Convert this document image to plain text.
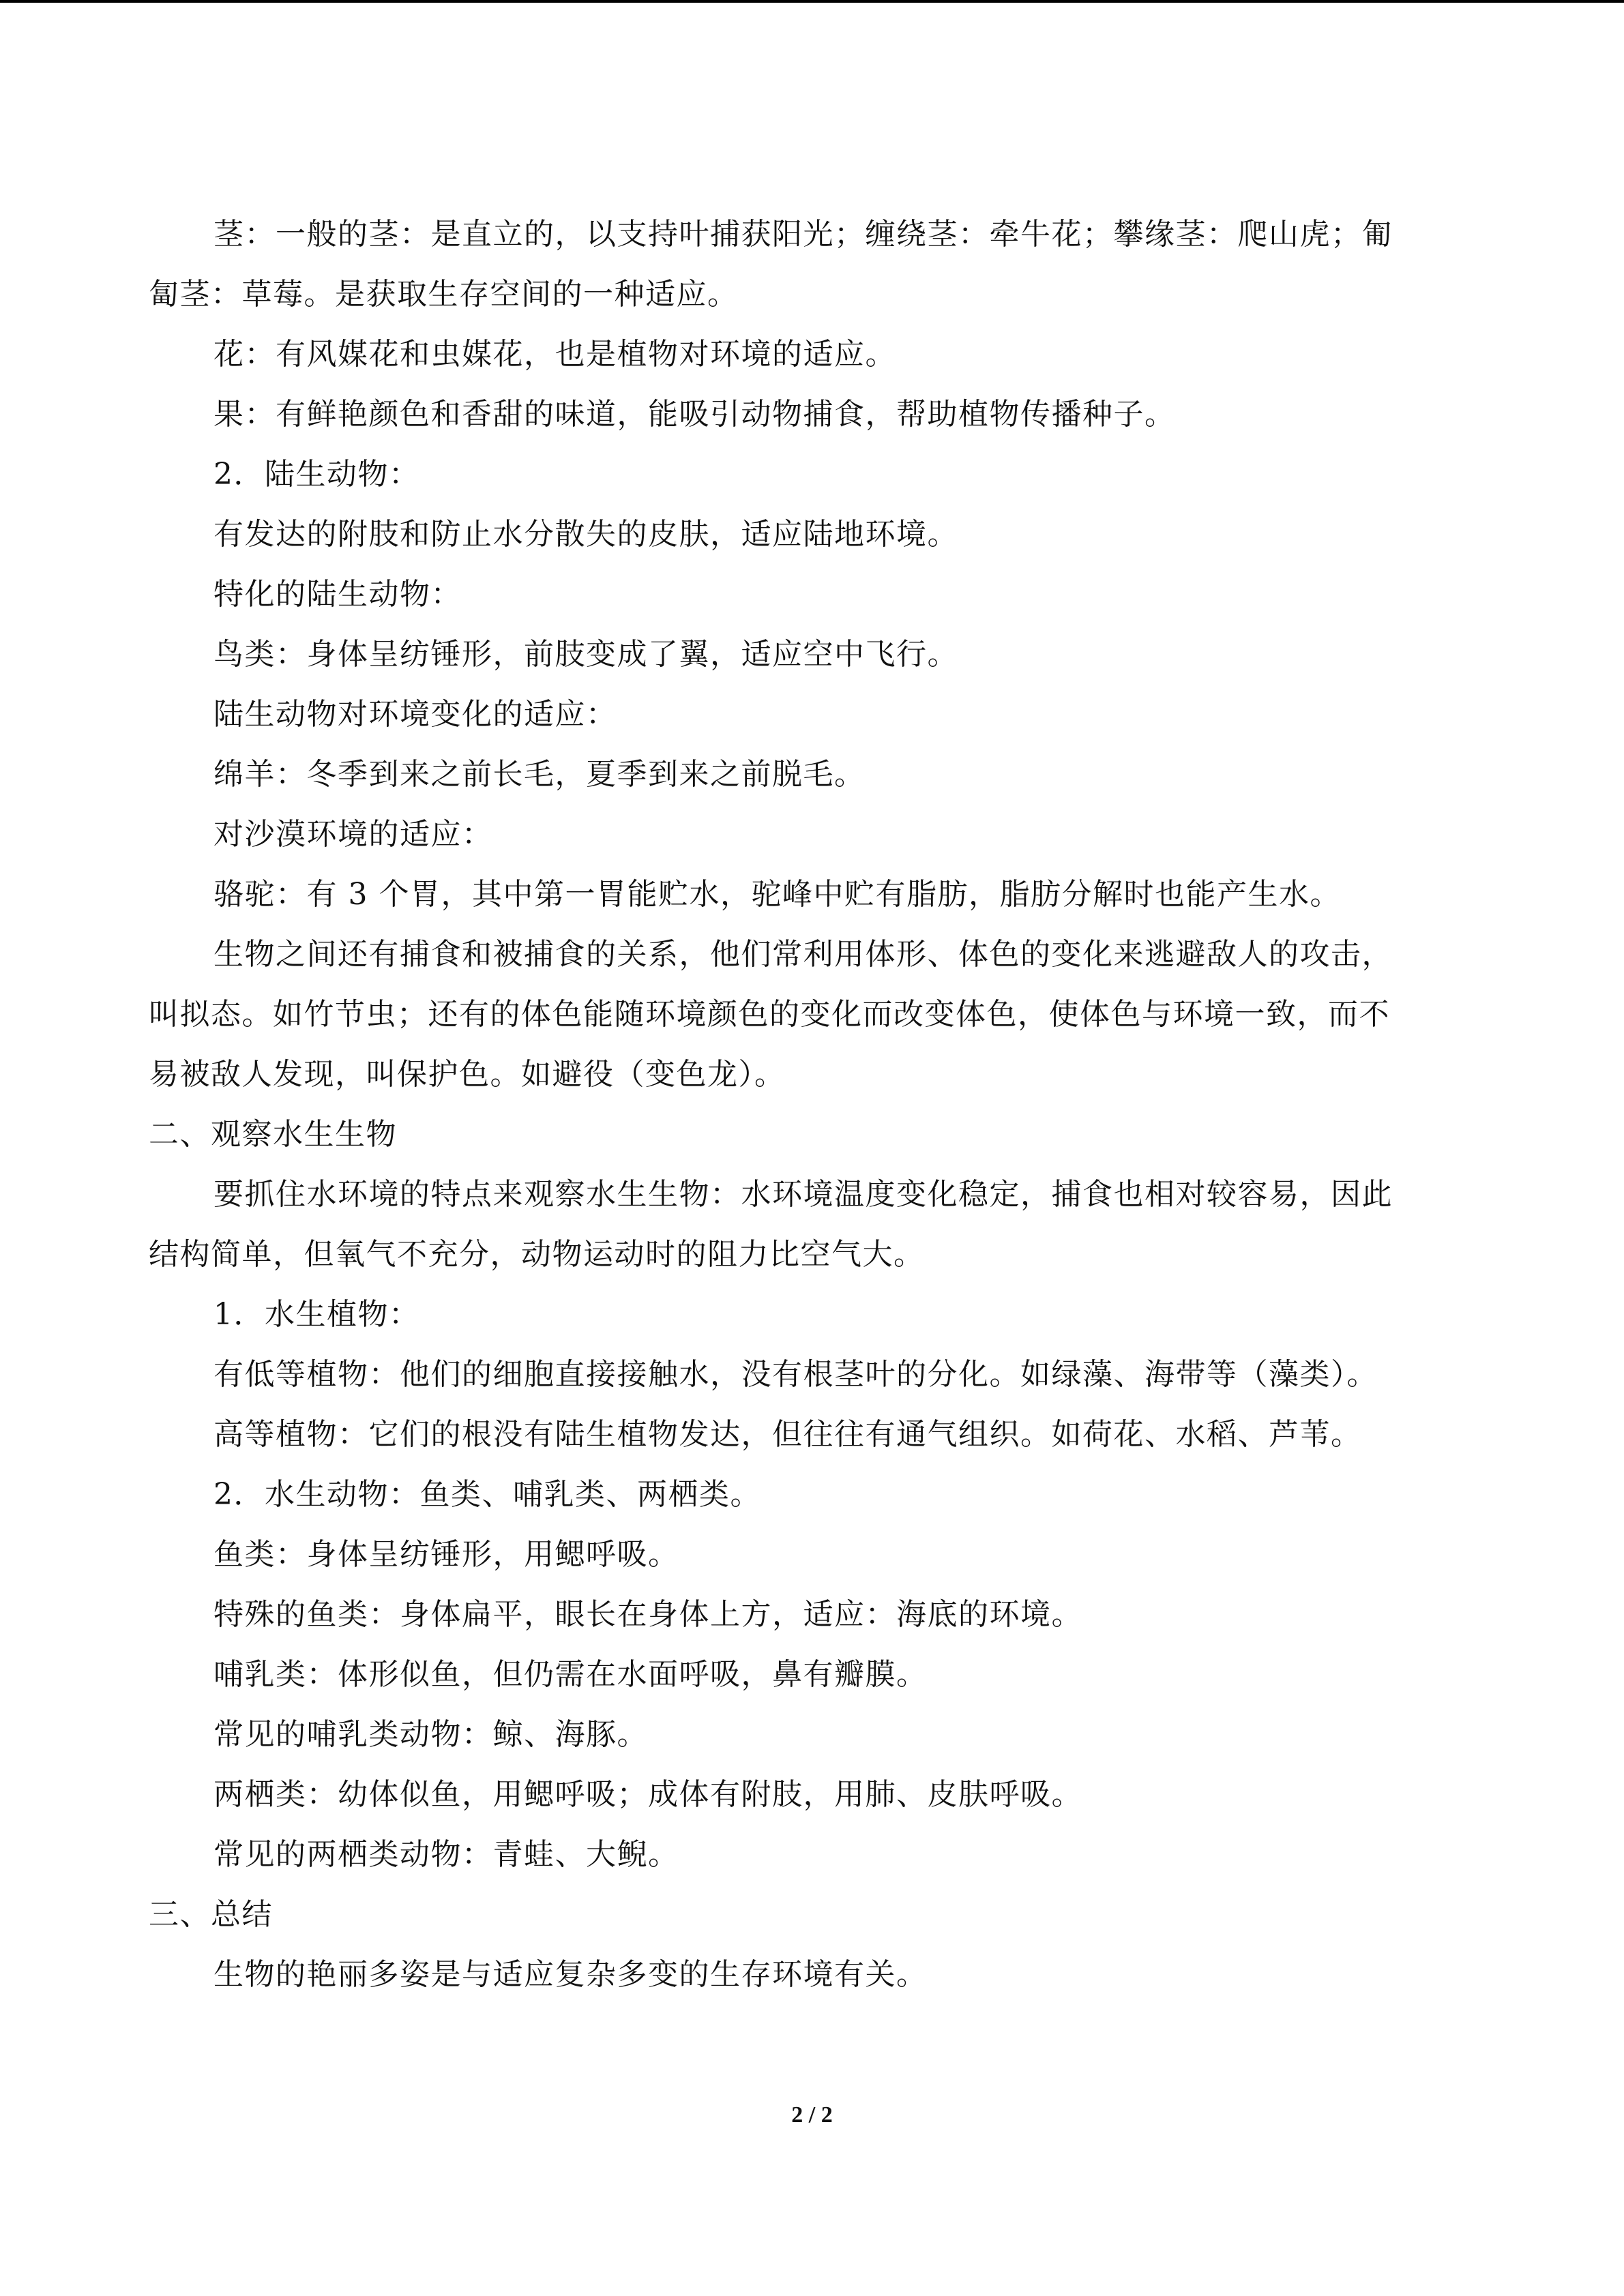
茎：一般的茎：是直立的，以支持叶捕获阳光；缠绕茎：牵牛花；攀缘茎：爬山虎；匍
匐茎：草莓。是获取生存空间的一种适应。
花：有风媒花和虫媒花，也是植物对环境的适应。
果：有鲜艳颜色和香甜的味道，能吸引动物捕食，帮助植物传播种子。
2．陆生动物：
有发达的附肢和防止水分散失的皮肤，适应陆地环境。
特化的陆生动物：
鸟类：身体呈纺锤形，前肢变成了翼，适应空中飞行。
陆生动物对环境变化的适应：
绵羊：冬季到来之前长毛，夏季到来之前脱毛。
对沙漠环境的适应：
骆驼：有 3 个胃，其中第一胃能贮水，驼峰中贮有脂肪，脂肪分解时也能产生水。
生物之间还有捕食和被捕食的关系，他们常利用体形、体色的变化来逃避敌人的攻击，
叫拟态。如竹节虫；还有的体色能随环境颜色的变化而改变体色，使体色与环境一致，而不
易被敌人发现，叫保护色。如避役（变色龙）。
二、观察水生生物
要抓住水环境的特点来观察水生生物：水环境温度变化稳定，捕食也相对较容易，因此
结构简单，但氧气不充分，动物运动时的阻力比空气大。
1．水生植物：
有低等植物：他们的细胞直接接触水，没有根茎叶的分化。如绿藻、海带等（藻类）。
高等植物：它们的根没有陆生植物发达，但往往有通气组织。如荷花、水稻、芦苇。
2．水生动物：鱼类、哺乳类、两栖类。
鱼类：身体呈纺锤形，用鳃呼吸。
特殊的鱼类：身体扁平，眼长在身体上方，适应：海底的环境。
哺乳类：体形似鱼，但仍需在水面呼吸，鼻有瓣膜。
常见的哺乳类动物：鲸、海豚。
两栖类：幼体似鱼，用鳃呼吸；成体有附肢，用肺、皮肤呼吸。
常见的两栖类动物：青蛙、大鲵。
三、总结
生物的艳丽多姿是与适应复杂多变的生存环境有关。
2 / 2
